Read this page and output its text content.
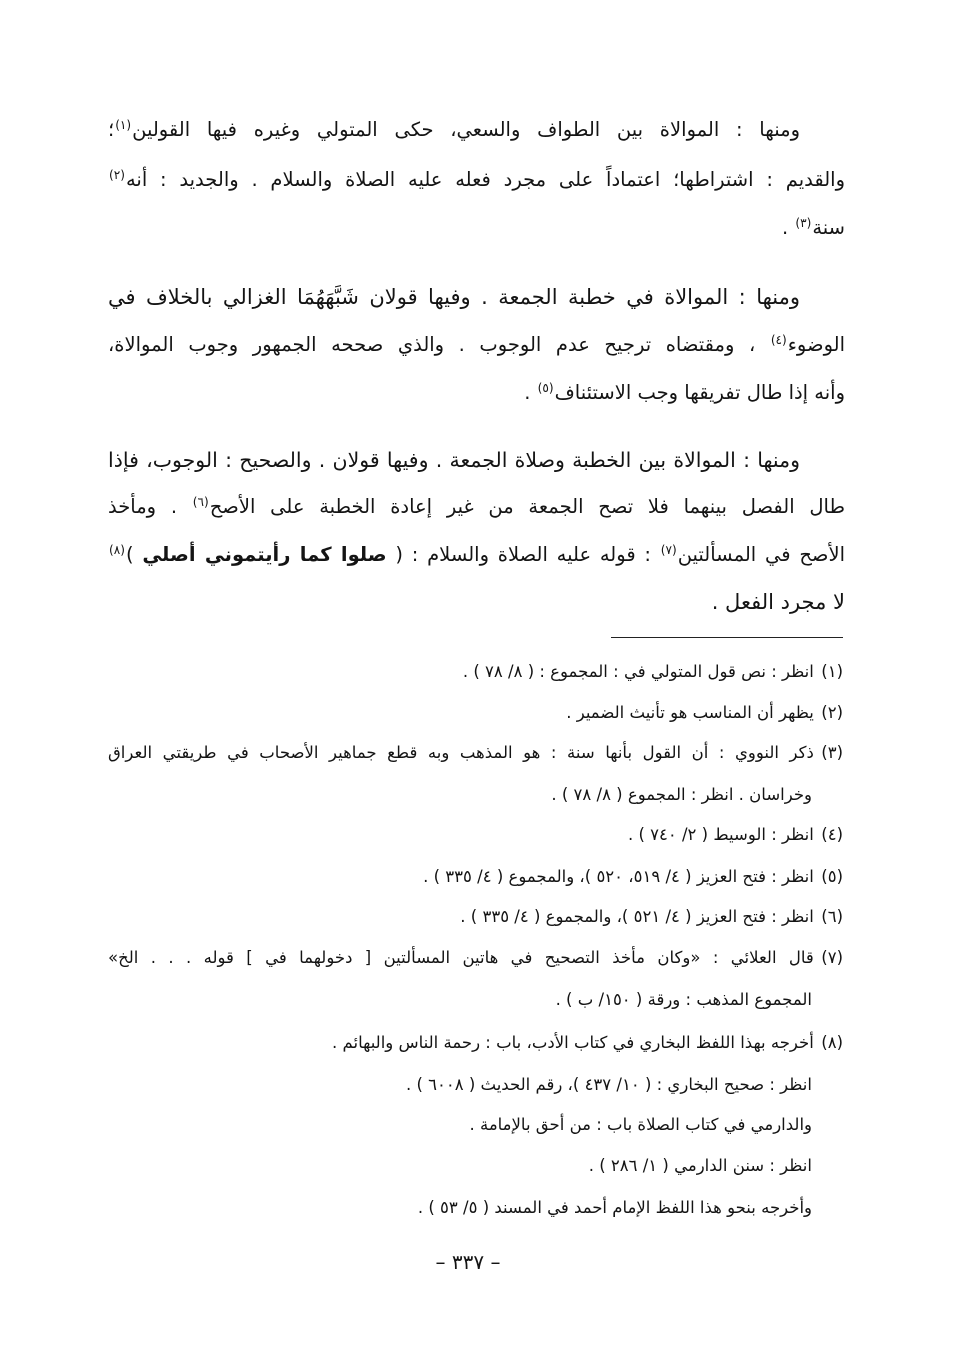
ومنها : الموالاة بين الطواف والسعي، حكى المتولي وغيره فيها القولين$^{(١)}$؛
والقديم : اشتراطها؛ اعتماداً على مجرد فعله عليه الصلاة والسلام . والجديد : أنه$^{(٢)}$
سنة$^{(٣)}$ .
ومنها : الموالاة في خطبة الجمعة . وفيها قولان شَبَّهَهُمَا الغزالي بالخلاف في
الوضوء$^{(٤)}$ ، ومقتضاه ترجيح عدم الوجوب . والذي صححه الجمهور وجوب الموالاة،
وأنه إذا طال تفريقها وجب الاستئناف$^{(٥)}$ .
ومنها : الموالاة بين الخطبة وصلاة الجمعة . وفيها قولان . والصحيح : الوجوب، فإذا
طال الفصل بينهما فلا تصح الجمعة من غير إعادة الخطبة على الأصح$^{(٦)}$ . ومأخذ
الأصح في المسألتين$^{(٧)}$ : قوله عليه الصلاة والسلام : ( صلوا كما رأيتموني أصلي )$^{(٨)}$
لا مجرد الفعل .
(١)انظر : نص قول المتولي في : المجموع : ( ٨/ ٧٨ ) .
(٢)يظهر أن المناسب هو تأنيث الضمير .
(٣)ذكر النووي : أن القول بأنها سنة : هو المذهب وبه قطع جماهير الأصحاب في طريقتي العراق
وخراسان . انظر : المجموع ( ٨/ ٧٨ ) .
(٤)انظر : الوسيط ( ٢/ ٧٤٠ ) .
(٥)انظر : فتح العزيز ( ٤/ ٥١٩، ٥٢٠ )، والمجموع ( ٤/ ٣٣٥ ) .
(٦)انظر : فتح العزيز ( ٤/ ٥٢١ )، والمجموع ( ٤/ ٣٣٥ ) .
(٧)قال العلائي : «وكان مأخذ التصحيح في هاتين المسألتين [ دخولهما في ] قوله . . . الخ»
المجموع المذهب : ورقة ( ١٥٠/ ب ) .
(٨)أخرجه بهذا اللفظ البخاري في كتاب الأدب، باب : رحمة الناس والبهائم .
انظر : صحيح البخاري : ( ١٠/ ٤٣٧ )، رقم الحديث ( ٦٠٠٨ ) .
والدارمي في كتاب الصلاة باب : من أحق بالإمامة .
انظر : سنن الدارمي ( ١/ ٢٨٦ ) .
وأخرجه بنحو هذا اللفظ الإمام أحمد في المسند ( ٥/ ٥٣ ) .
– ٣٣٧ –
